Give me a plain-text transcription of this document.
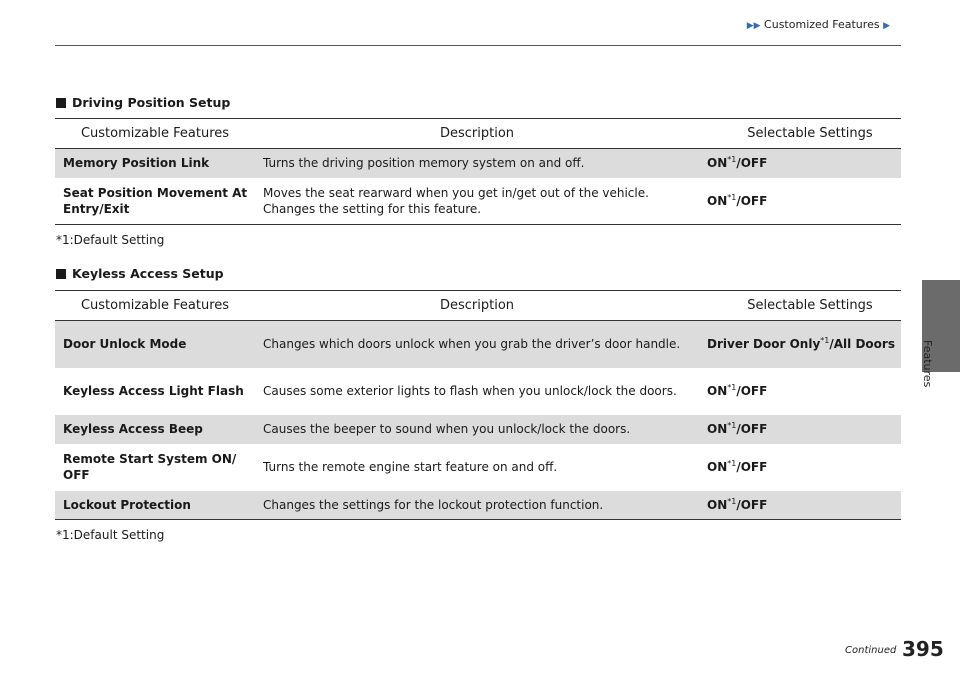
▶▶ Customized Features ▶
Features
Driving Position Setup
Customizable Features	Description	Selectable Settings
Memory Position Link	Turns the driving position memory system on and off.	ON$^{*1}$/OFF
Seat Position Movement At Entry/Exit	Moves the seat rearward when you get in/get out of the vehicle. Changes the setting for this feature.	ON$^{*1}$/OFF
*1:Default Setting
Keyless Access Setup
Customizable Features	Description	Selectable Settings
Door Unlock Mode	Changes which doors unlock when you grab the driver’s door handle.	Driver Door Only$^{*1}$/All Doors
Keyless Access Light Flash	Causes some exterior lights to flash when you unlock/lock the doors.	ON$^{*1}$/OFF
Keyless Access Beep	Causes the beeper to sound when you unlock/lock the doors.	ON$^{*1}$/OFF
Remote Start System ON/ OFF	Turns the remote engine start feature on and off.	ON$^{*1}$/OFF
Lockout Protection	Changes the settings for the lockout protection function.	ON$^{*1}$/OFF
*1:Default Setting
Continued 395
